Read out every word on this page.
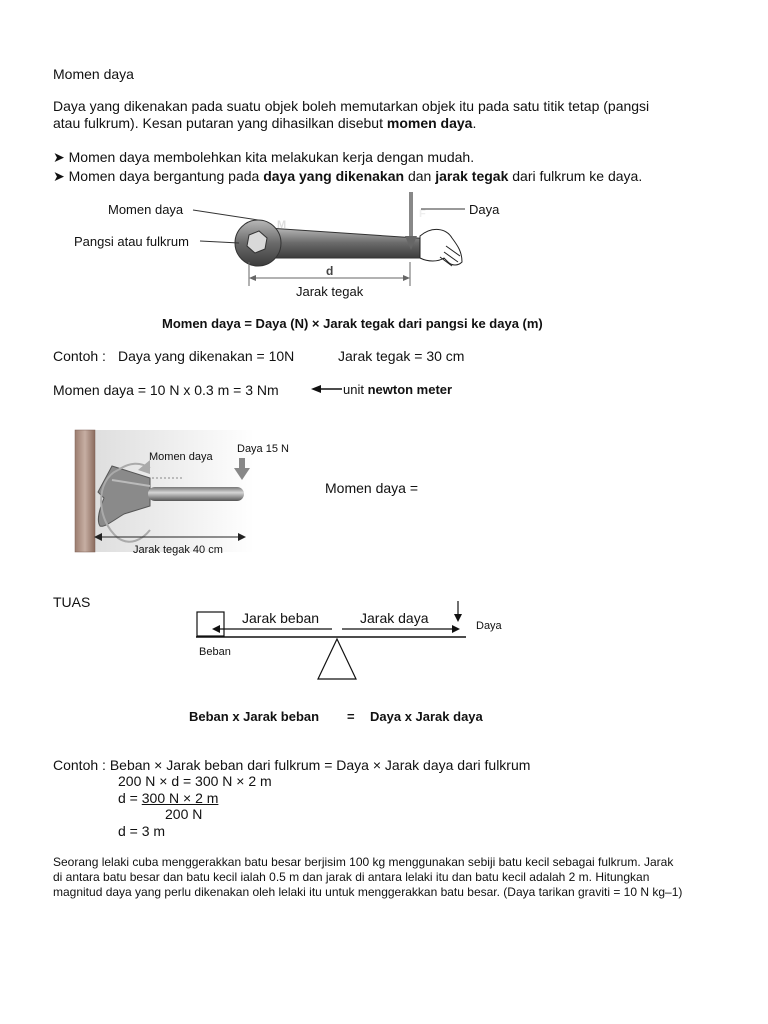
Momen daya
Daya yang dikenakan pada suatu objek boleh memutarkan objek itu pada satu titik tetap (pangsi
atau fulkrum). Kesan putaran yang dihasilkan disebut momen daya.
➤ Momen daya membolehkan kita melakukan kerja dengan mudah.
➤ Momen daya bergantung pada daya yang dikenakan dan jarak tegak dari fulkrum ke daya.
Momen daya
Pangsi atau fulkrum
Daya
Jarak tegak
M
F
d
Momen daya = Daya (N) × Jarak tegak dari pangsi ke daya (m)
Contoh : Daya yang dikenakan = 10N	Jarak tegak = 30 cm
Momen daya = 10 N x 0.3 m = 3 Nm	unit newton meter
Momen daya
Daya 15 N
Jarak tegak 40 cm
Momen daya =
TUAS
Jarak beban	Jarak daya	Daya
Beban
Beban x Jarak beban = Daya x Jarak daya
Contoh : Beban × Jarak beban dari fulkrum = Daya × Jarak daya dari fulkrum
200 N × d = 300 N × 2 m
d = 300 N × 2 m
200 N
d = 3 m
Seorang lelaki cuba menggerakkan batu besar berjisim 100 kg menggunakan sebiji batu kecil sebagai fulkrum. Jarak
di antara batu besar dan batu kecil ialah 0.5 m dan jarak di antara lelaki itu dan batu kecil adalah 2 m. Hitungkan
magnitud daya yang perlu dikenakan oleh lelaki itu untuk menggerakkan batu besar. (Daya tarikan graviti = 10 N kg–1)
